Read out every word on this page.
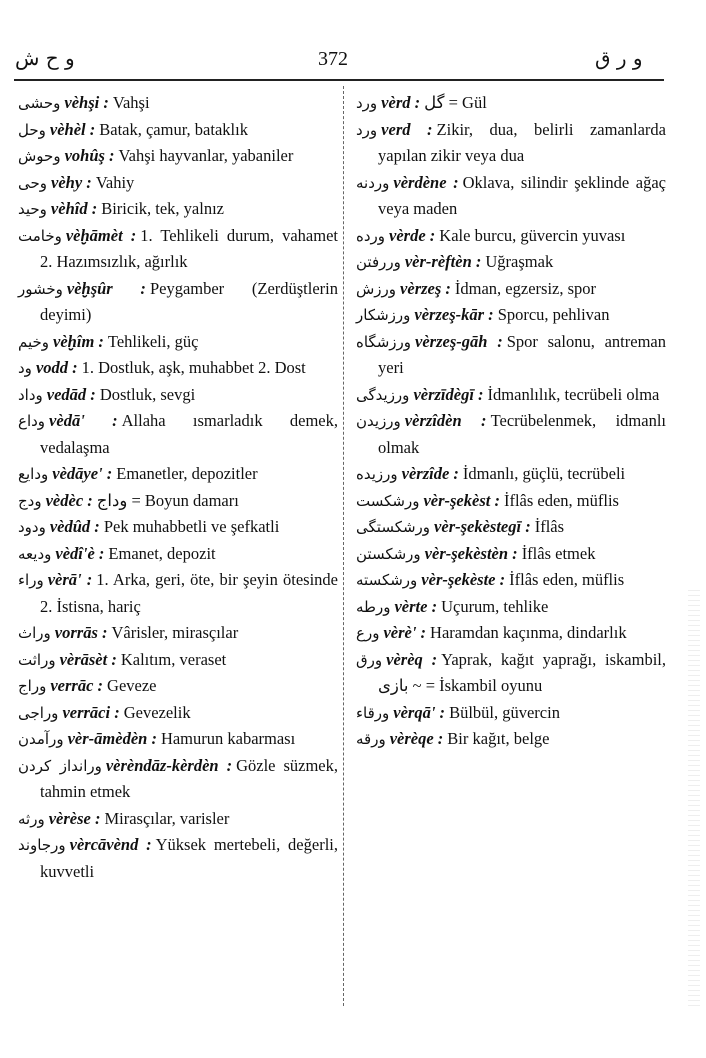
و ح ش	372	و ر ق

وحشى vèhşi : Vahşi

وحل vèhèl : Batak, çamur, bataklık

وحوش vohûş : Vahşi hayvanlar, yabaniler

وحى vèhy : Vahiy

وحيد vèhîd : Biricik, tek, yalnız

وخامت vèḫāmèt : 1. Tehlikeli durum, vahamet 2. Hazımsızlık, ağırlık

وخشور vèḫşûr : Peygamber (Zerdüştlerin deyimi)

وخيم vèḫîm : Tehlikeli, güç

ود vodd : 1. Dostluk, aşk, muhabbet 2. Dost

وداد vedād : Dostluk, sevgi

وداع vèdā' : Allaha ısmarladık demek, vedalaşma

ودايع vèdāye' : Emanetler, depozitler

ودج vèdèc : وداج = Boyun damarı

ودود vèdûd : Pek muhabbetli ve şefkatli

وديعه vèdî'è : Emanet, depozit

وراء vèrā' : 1. Arka, geri, öte, bir şeyin ötesinde 2. İstisna, hariç

وراث vorrās : Vârisler, mirasçılar

وراثت vèrāsèt : Kalıtım, veraset

وراج verrāc : Geveze

وراجى verrāci : Gevezelik

ورآمدن vèr-āmèdèn : Hamurun kabarması

ورانداز كردن vèrèndāz-kèrdèn : Gözle süzmek, tahmin etmek

ورثه vèrèse : Mirasçılar, varisler

ورجاوند vèrcāvènd : Yüksek mertebeli, değerli, kuvvetli

ورد vèrd : گل = Gül

ورد verd : Zikir, dua, belirli zamanlarda yapılan zikir veya dua

وردنه vèrdène : Oklava, silindir şeklinde ağaç veya maden

ورده vèrde : Kale burcu, güvercin yuvası

وررفتن vèr-rèftèn : Uğraşmak

ورزش vèrzeş : İdman, egzersiz, spor

ورزشكار vèrzeş-kār : Sporcu, pehlivan

ورزشگاه vèrzeş-gāh : Spor salonu, antreman yeri

ورزيدگى vèrzīdègī : İdmanlılık, tecrübeli olma

ورزيدن vèrzîdèn : Tecrübelenmek, idmanlı olmak

ورزيده vèrzîde : İdmanlı, güçlü, tecrübeli

ورشكست vèr-şekèst : İflâs eden, müflis

ورشكستگى vèr-şekèstegī : İflâs

ورشكستن vèr-şekèstèn : İflâs etmek

ورشكسته vèr-şekèste : İflâs eden, müflis

ورطه vèrte : Uçurum, tehlike

ورع vèrè' : Haramdan kaçınma, dindarlık

ورق vèrèq : Yaprak, kağıt yaprağı, iskambil, بازى ~ = İskambil oyunu

ورقاء vèrqā' : Bülbül, güvercin

ورقه vèrèqe : Bir kağıt, belge
